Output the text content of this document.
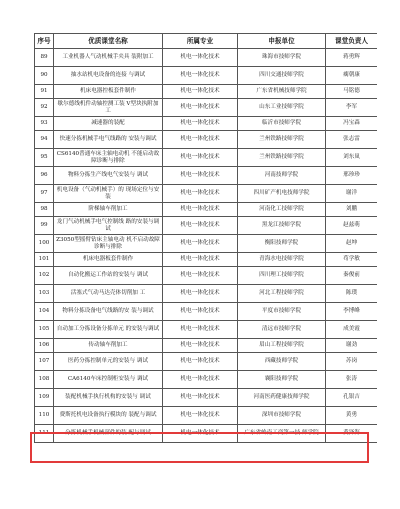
序号	优质课堂名称	所属专业	申报单位	课堂负责人
89	工业机器人气动机械手夹具 装附加工	机电一体化技术	珠海市技师学院	蒋勇辉
90	抽水站机电设备的连接 与调试	机电一体化技术	四川交通技师学院	瘸朝康
91	机床电器控板套件制作	机电一体化技术	广东省机械技师学院	马铭德
92	歇尔德线机件动轴控测工装 Ⅴ型块执附加工	机电一体化技术	山东工业技师学院	李军
93	减速器的装配	机电一体化技术	临沂市技师学院	冯宝森
94	快速分拣机械手电气线路的 安装与调试	机电一体化技术	兰州铁路技师学院	张志雷
95	CS6140普通车床主轴电动机 不能启动故障诊断与排除	机电一体化技术	兰州铁路技师学院	刘东岚
96	物料分拣生产线电气安装与 调试	机电一体化技术	河南技师学院	邢珍珍
97	机电设备（气动机械手）的 现场定位与安装	机电一体化技术	四川矿产机电技师学院	谢洋
98	阶梯轴车削加工	机电一体化技术	河南化工技师学院	刘鹏
99	龙门气动机械手电气控制线 路的安装与调试	机电一体化技术	黑龙江技师学院	赵兹萌
100	Z3050型摇臂钻床主轴电动 机不启动故障诊断与排除	机电一体化技术	衡阳技师学院	赵坤
101	机床电器板套件制作	机电一体化技术	青海水电技师学院	苟学敏
102	自动化搬运工作站的安装与 调试	机电一体化技术	四川理工技师学院	秦俊前
103	活塞式气动马达壳体切削加 工	机电一体化技术	河北工程技师学院	陈璞
104	物料分拣设备电气线路的安 装与调试	机电一体化技术	平度市技师学院	李博峰
105	自动加工分拣设备分拣单元 的安装与调试	机电一体化技术	清远市技师学院	成美霞
106	传动轴车削加工	机电一体化技术	眉山工程技师学院	谢劲
107	医药分拣控制单元的安装与 调试	机电一体化技术	西藏技师学院	苏岗
108	CA6140车床控制柜安装与 调试	机电一体化技术	襄阳技师学院	张涛
109	装配机械手执行机构的安装与 调试	机电一体化技术	河南医药健康技师学院	孔银吉
110	费斯托机电设备执行模块的 装配与调试	机电一体化技术	深圳市技师学院	黄勇
111	分拣机械手机械部件的装 配与调试	机电一体化技术	广东省岭南工商第一技 师学院	黄泽海
